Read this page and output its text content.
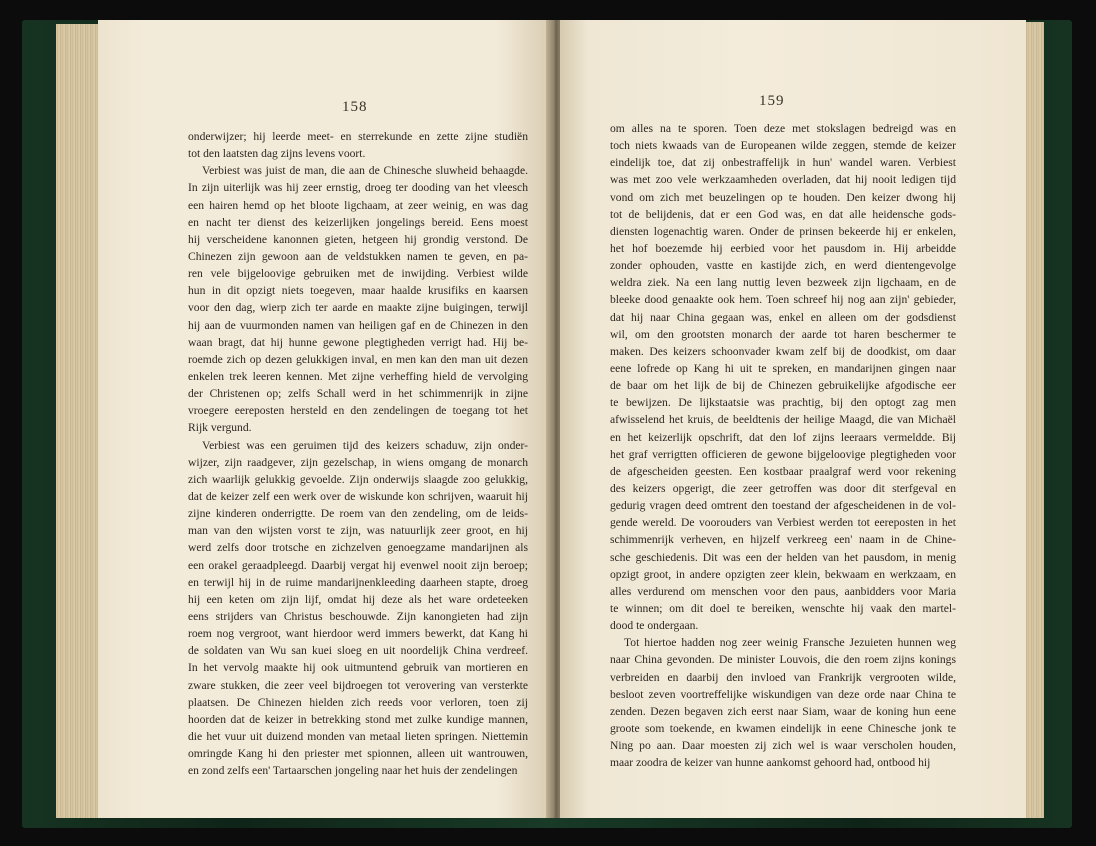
158
onderwijzer; hij leerde meet- en sterrekunde en zette zijne studiën
tot den laatsten dag zijns levens voort.
Verbiest was juist de man, die aan de Chinesche sluwheid behaagde.
In zijn uiterlijk was hij zeer ernstig, droeg ter dooding van het vleesch
een hairen hemd op het bloote ligchaam, at zeer weinig, en was dag
en nacht ter dienst des keizerlijken jongelings bereid. Eens moest
hij verscheidene kanonnen gieten, hetgeen hij grondig verstond. De
Chinezen zijn gewoon aan de veldstukken namen te geven, en pa-
ren vele bijgeloovige gebruiken met de inwijding. Verbiest wilde
hun in dit opzigt niets toegeven, maar haalde krusifiks en kaarsen
voor den dag, wierp zich ter aarde en maakte zijne buigingen, terwijl
hij aan de vuurmonden namen van heiligen gaf en de Chinezen in den
waan bragt, dat hij hunne gewone plegtigheden verrigt had. Hij be-
roemde zich op dezen gelukkigen inval, en men kan den man uit dezen
enkelen trek leeren kennen. Met zijne verheffing hield de vervolging
der Christenen op; zelfs Schall werd in het schimmenrijk in zijne
vroegere eereposten hersteld en den zendelingen de toegang tot het
Rijk vergund.
Verbiest was een geruimen tijd des keizers schaduw, zijn onder-
wijzer, zijn raadgever, zijn gezelschap, in wiens omgang de monarch
zich waarlijk gelukkig gevoelde. Zijn onderwijs slaagde zoo gelukkig,
dat de keizer zelf een werk over de wiskunde kon schrijven, waaruit hij
zijne kinderen onderrigtte. De roem van den zendeling, om de leids-
man van den wijsten vorst te zijn, was natuurlijk zeer groot, en hij
werd zelfs door trotsche en zichzelven genoegzame mandarijnen als
een orakel geraadpleegd. Daarbij vergat hij evenwel nooit zijn beroep;
en terwijl hij in de ruime mandarijnenkleeding daarheen stapte, droeg
hij een keten om zijn lijf, omdat hij deze als het ware ordeteeken
eens strijders van Christus beschouwde. Zijn kanongieten had zijn
roem nog vergroot, want hierdoor werd immers bewerkt, dat Kang hi
de soldaten van Wu san kuei sloeg en uit noordelijk China verdreef.
In het vervolg maakte hij ook uitmuntend gebruik van mortieren en
zware stukken, die zeer veel bijdroegen tot verovering van versterkte
plaatsen. De Chinezen hielden zich reeds voor verloren, toen zij
hoorden dat de keizer in betrekking stond met zulke kundige mannen,
die het vuur uit duizend monden van metaal lieten springen. Niettemin
omringde Kang hi den priester met spionnen, alleen uit wantrouwen,
en zond zelfs een' Tartaarschen jongeling naar het huis der zendelingen
159
om alles na te sporen. Toen deze met stokslagen bedreigd was en
toch niets kwaads van de Europeanen wilde zeggen, stemde de keizer
eindelijk toe, dat zij onbestraffelijk in hun' wandel waren. Verbiest
was met zoo vele werkzaamheden overladen, dat hij nooit ledigen tijd
vond om zich met beuzelingen op te houden. Den keizer dwong hij
tot de belijdenis, dat er een God was, en dat alle heidensche gods-
diensten logenachtig waren. Onder de prinsen bekeerde hij er enkelen,
het hof boezemde hij eerbied voor het pausdom in. Hij arbeidde
zonder ophouden, vastte en kastijde zich, en werd dientengevolge
weldra ziek. Na een lang nuttig leven bezweek zijn ligchaam, en de
bleeke dood genaakte ook hem. Toen schreef hij nog aan zijn' gebieder,
dat hij naar China gegaan was, enkel en alleen om der godsdienst
wil, om den grootsten monarch der aarde tot haren beschermer te
maken. Des keizers schoonvader kwam zelf bij de doodkist, om daar
eene lofrede op Kang hi uit te spreken, en mandarijnen gingen naar
de baar om het lijk de bij de Chinezen gebruikelijke afgodische eer
te bewijzen. De lijkstaatsie was prachtig, bij den optogt zag men
afwisselend het kruis, de beeldtenis der heilige Maagd, die van Michaël
en het keizerlijk opschrift, dat den lof zijns leeraars vermeldde. Bij
het graf verrigtten officieren de gewone bijgeloovige plegtigheden voor
de afgescheiden geesten. Een kostbaar praalgraf werd voor rekening
des keizers opgerigt, die zeer getroffen was door dit sterfgeval en
gedurig vragen deed omtrent den toestand der afgescheidenen in de vol-
gende wereld. De voorouders van Verbiest werden tot eereposten in het
schimmenrijk verheven, en hijzelf verkreeg een' naam in de Chine-
sche geschiedenis. Dit was een der helden van het pausdom, in menig
opzigt groot, in andere opzigten zeer klein, bekwaam en werkzaam, en
alles verdurend om menschen voor den paus, aanbidders voor Maria
te winnen; om dit doel te bereiken, wenschte hij vaak den martel-
dood te ondergaan.
Tot hiertoe hadden nog zeer weinig Fransche Jezuieten hunnen weg
naar China gevonden. De minister Louvois, die den roem zijns konings
verbreiden en daarbij den invloed van Frankrijk vergrooten wilde,
besloot zeven voortreffelijke wiskundigen van deze orde naar China te
zenden. Dezen begaven zich eerst naar Siam, waar de koning hun eene
groote som toekende, en kwamen eindelijk in eene Chinesche jonk te
Ning po aan. Daar moesten zij zich wel is waar verscholen houden,
maar zoodra de keizer van hunne aankomst gehoord had, ontbood hij
